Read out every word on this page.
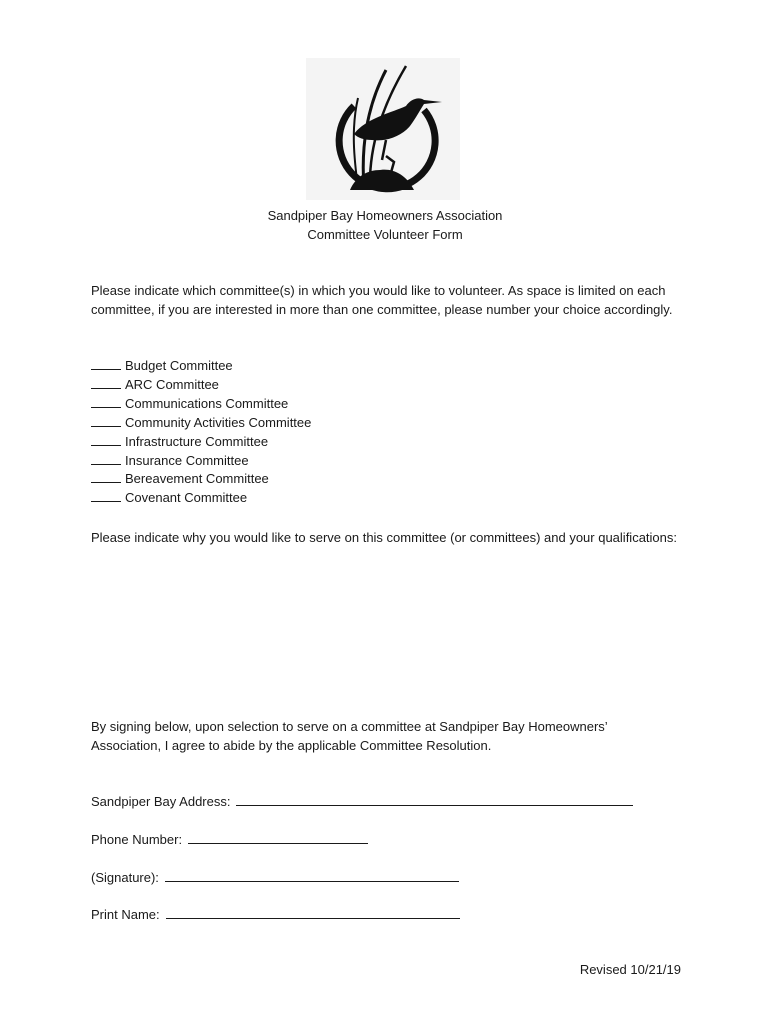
Sandpiper Bay Homeowners Association
Committee Volunteer Form
Please indicate which committee(s) in which you would like to volunteer. As space is limited on each committee, if you are interested in more than one committee, please number your choice accordingly.
Budget Committee
ARC Committee
Communications Committee
Community Activities Committee
Infrastructure Committee
Insurance Committee
Bereavement Committee
Covenant Committee
Please indicate why you would like to serve on this committee (or committees) and your qualifications:
By signing below, upon selection to serve on a committee at Sandpiper Bay Homeowners’ Association, I agree to abide by the applicable Committee Resolution.
Sandpiper Bay Address:
Phone Number:
(Signature):
Print Name:
Revised 10/21/19
